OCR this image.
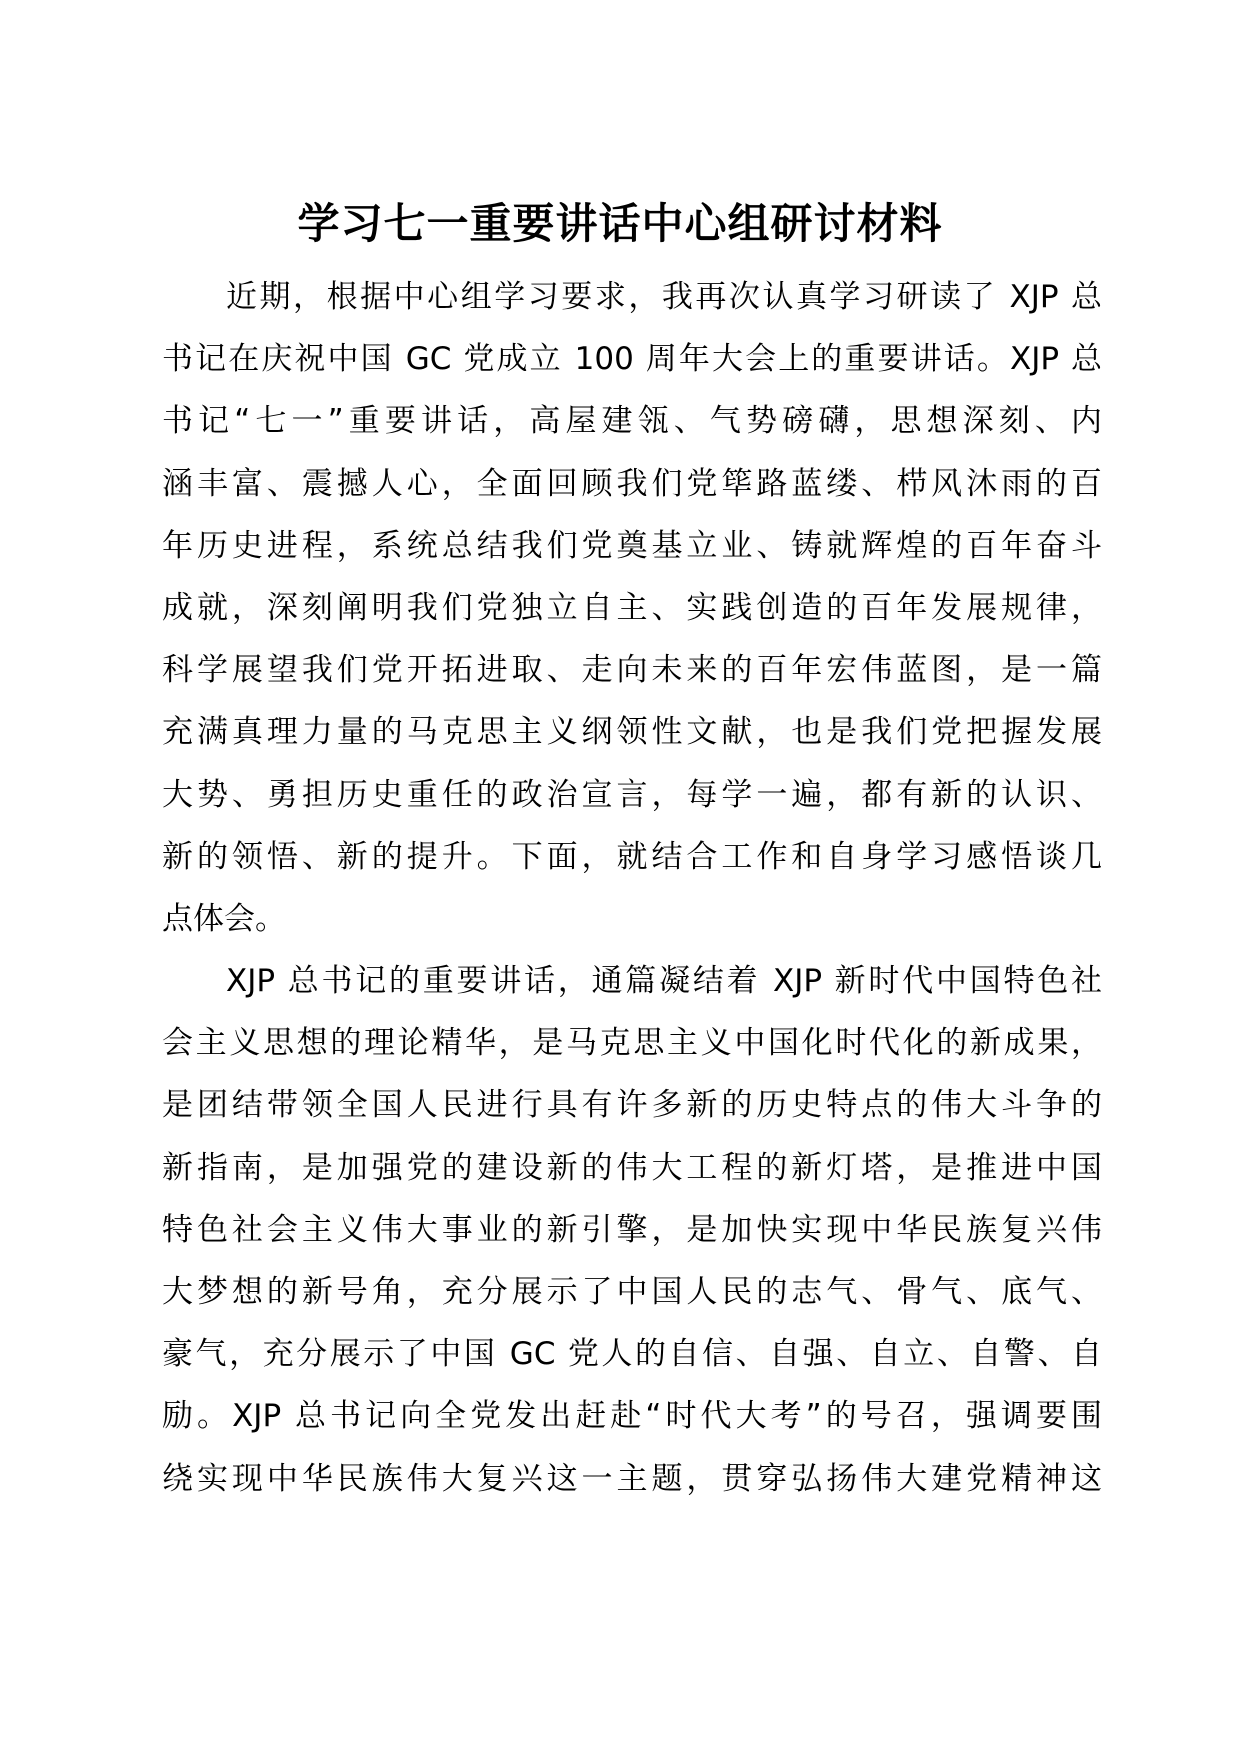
学习七一重要讲话中心组研讨材料
近期，根据中心组学习要求，我再次认真学习研读了 XJP 总
书记在庆祝中国 GC 党成立 100 周年大会上的重要讲话。XJP 总
书记“七一”重要讲话，高屋建瓴、气势磅礴，思想深刻、内
涵丰富、震撼人心，全面回顾我们党筚路蓝缕、栉风沐雨的百
年历史进程，系统总结我们党奠基立业、铸就辉煌的百年奋斗
成就，深刻阐明我们党独立自主、实践创造的百年发展规律，
科学展望我们党开拓进取、走向未来的百年宏伟蓝图，是一篇
充满真理力量的马克思主义纲领性文献，也是我们党把握发展
大势、勇担历史重任的政治宣言，每学一遍，都有新的认识、
新的领悟、新的提升。下面，就结合工作和自身学习感悟谈几
点体会。
XJP 总书记的重要讲话，通篇凝结着 XJP 新时代中国特色社
会主义思想的理论精华，是马克思主义中国化时代化的新成果，
是团结带领全国人民进行具有许多新的历史特点的伟大斗争的
新指南，是加强党的建设新的伟大工程的新灯塔，是推进中国
特色社会主义伟大事业的新引擎，是加快实现中华民族复兴伟
大梦想的新号角，充分展示了中国人民的志气、骨气、底气、
豪气，充分展示了中国 GC 党人的自信、自强、自立、自警、自
励。XJP 总书记向全党发出赶赴“时代大考”的号召，强调要围
绕实现中华民族伟大复兴这一主题，贯穿弘扬伟大建党精神这
